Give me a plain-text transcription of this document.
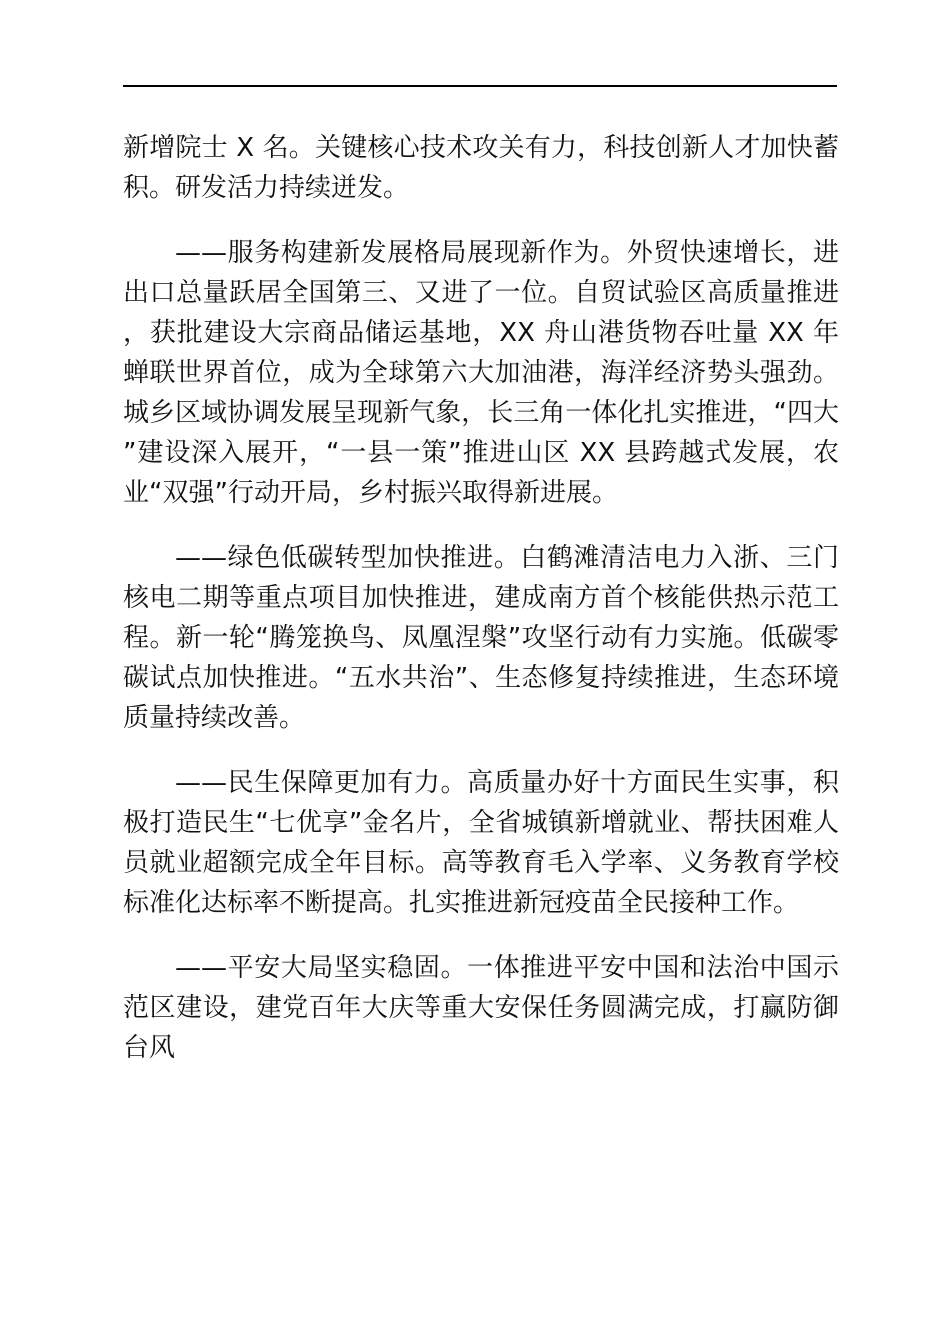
新增院士 X 名。关键核心技术攻关有力，科技创新人才加快蓄积。研发活力持续迸发。

——服务构建新发展格局展现新作为。外贸快速增长，进出口总量跃居全国第三、又进了一位。自贸试验区高质量推进，获批建设大宗商品储运基地，XX 舟山港货物吞吐量 XX 年蝉联世界首位，成为全球第六大加油港，海洋经济势头强劲。城乡区域协调发展呈现新气象，长三角一体化扎实推进，“四大”建设深入展开，“一县一策”推进山区 XX 县跨越式发展，农业“双强”行动开局，乡村振兴取得新进展。

——绿色低碳转型加快推进。白鹤滩清洁电力入浙、三门核电二期等重点项目加快推进，建成南方首个核能供热示范工程。新一轮“腾笼换鸟、凤凰涅槃”攻坚行动有力实施。低碳零碳试点加快推进。“五水共治”、生态修复持续推进，生态环境质量持续改善。

——民生保障更加有力。高质量办好十方面民生实事，积极打造民生“七优享”金名片，全省城镇新增就业、帮扶困难人员就业超额完成全年目标。高等教育毛入学率、义务教育学校标准化达标率不断提高。扎实推进新冠疫苗全民接种工作。

——平安大局坚实稳固。一体推进平安中国和法治中国示范区建设，建党百年大庆等重大安保任务圆满完成，打赢防御台风
